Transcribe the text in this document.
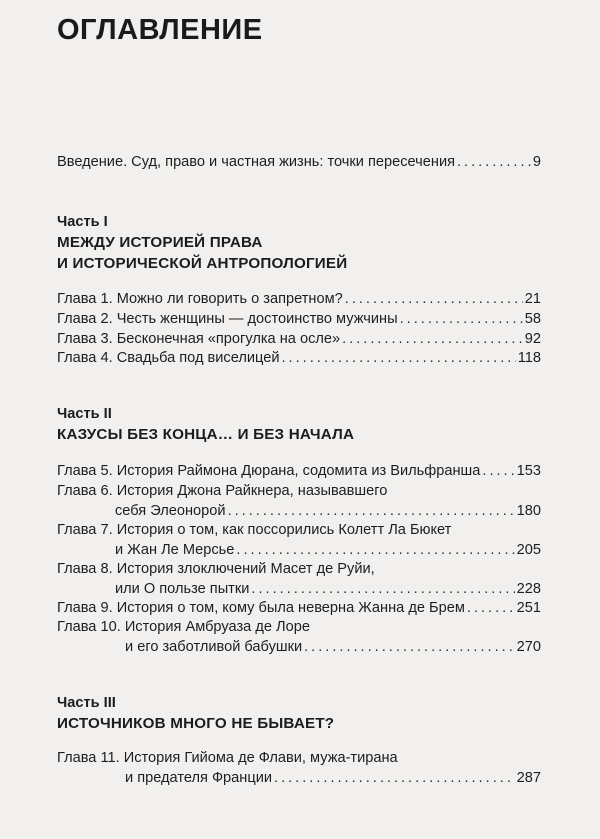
ОГЛАВЛЕНИЕ
Введение. Суд, право и частная жизнь: точки пересечения .....	9
Часть I
МЕЖДУ ИСТОРИЕЙ ПРАВА
И ИСТОРИЧЕСКОЙ АНТРОПОЛОГИЕЙ
Глава 1. Можно ли говорить о запретном? .....	21
Глава 2. Честь женщины — достоинство мужчины .....	58
Глава 3. Бесконечная «прогулка на осле» .....	92
Глава 4. Свадьба под виселицей .....	118
Часть II
КАЗУСЫ БЕЗ КОНЦА… И БЕЗ НАЧАЛА
Глава 5. История Раймона Дюрана, содомита из Вильфранша ..... 153
Глава 6. История Джона Райкнера, называвшего
себя Элеонорой .....	180
Глава 7. История о том, как поссорились Колетт Ла Бюкет
и Жан Ле Мерсье .....	205
Глава 8. История злоключений Масет де Руйи,
или О пользе пытки .....	228
Глава 9. История о том, кому была неверна Жанна де Брем .....	251
Глава 10. История Амбруаза де Лоре
и его заботливой бабушки .....	270
Часть III
ИСТОЧНИКОВ МНОГО НЕ БЫВАЕТ?
Глава 11. История Гийома де Флави, мужа-тирана
и предателя Франции .....	287
